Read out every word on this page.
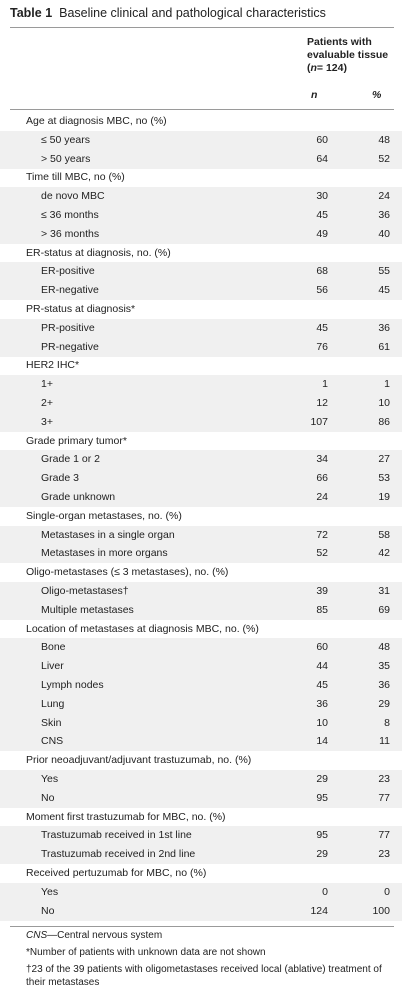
Table 1 Baseline clinical and pathological characteristics
Patients with
evaluable tissue
(n= 124)
n	%
Age at diagnosis MBC, no (%)
≤ 50 years	60	48
> 50 years	64	52
Time till MBC, no (%)
de novo MBC	30	24
≤ 36 months	45	36
> 36 months	49	40
ER-status at diagnosis, no. (%)
ER-positive	68	55
ER-negative	56	45
PR-status at diagnosis*
PR-positive	45	36
PR-negative	76	61
HER2 IHC*
1+	1	1
2+	12	10
3+	107	86
Grade primary tumor*
Grade 1 or 2	34	27
Grade 3	66	53
Grade unknown	24	19
Single-organ metastases, no. (%)
Metastases in a single organ	72	58
Metastases in more organs	52	42
Oligo-metastases (≤ 3 metastases), no. (%)
Oligo-metastases†	39	31
Multiple metastases	85	69
Location of metastases at diagnosis MBC, no. (%)
Bone	60	48
Liver	44	35
Lymph nodes	45	36
Lung	36	29
Skin	10	8
CNS	14	11
Prior neoadjuvant/adjuvant trastuzumab, no. (%)
Yes	29	23
No	95	77
Moment first trastuzumab for MBC, no. (%)
Trastuzumab received in 1st line	95	77
Trastuzumab received in 2nd line	29	23
Received pertuzumab for MBC, no (%)
Yes	0	0
No	124	100
CNS—Central nervous system
*Number of patients with unknown data are not shown
†23 of the 39 patients with oligometastases received local (ablative) treatment of their metastases
